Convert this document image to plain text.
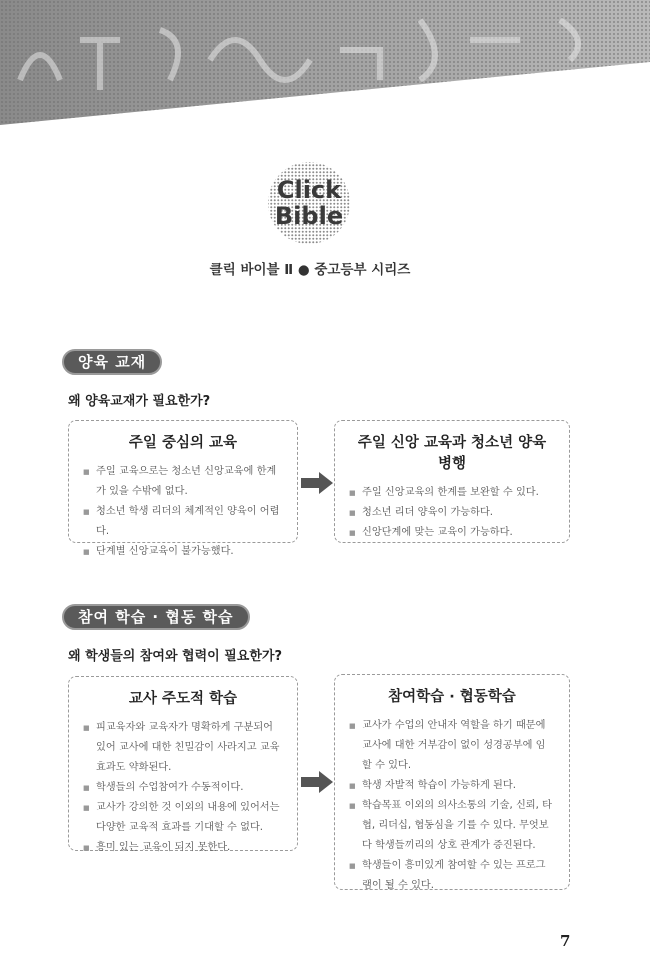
Click
Bible
클릭 바이블 Ⅱ ● 중고등부 시리즈
양육 교재
왜 양육교재가 필요한가?
주일 중심의 교육
■ 주일 교육으로는 청소년 신앙교육에 한계가 있을 수밖에 없다.
■ 청소년 학생 리더의 체계적인 양육이 어렵다.
■ 단계별 신앙교육이 불가능했다.
주일 신앙 교육과 청소년 양육 병행
■ 주일 신앙교육의 한계를 보완할 수 있다.
■ 청소년 리더 양육이 가능하다.
■ 신앙단계에 맞는 교육이 가능하다.
참여 학습 · 협동 학습
왜 학생들의 참여와 협력이 필요한가?
교사 주도적 학습
■ 피교육자와 교육자가 명확하게 구분되어 있어 교사에 대한 친밀감이 사라지고 교육 효과도 약화된다.
■ 학생들의 수업참여가 수동적이다.
■ 교사가 강의한 것 이외의 내용에 있어서는 다양한 교육적 효과를 기대할 수 없다.
■ 흥미 있는 교육이 되지 못한다.
참여학습 · 협동학습
■ 교사가 수업의 안내자 역할을 하기 때문에 교사에 대한 거부감이 없이 성경공부에 임할 수 있다.
■ 학생 자발적 학습이 가능하게 된다.
■ 학습목표 이외의 의사소통의 기술, 신뢰, 타협, 리더십, 협동심을 기를 수 있다. 무엇보다 학생들끼리의 상호 관계가 증진된다.
■ 학생들이 흥미있게 참여할 수 있는 프로그램이 될 수 있다.
7
